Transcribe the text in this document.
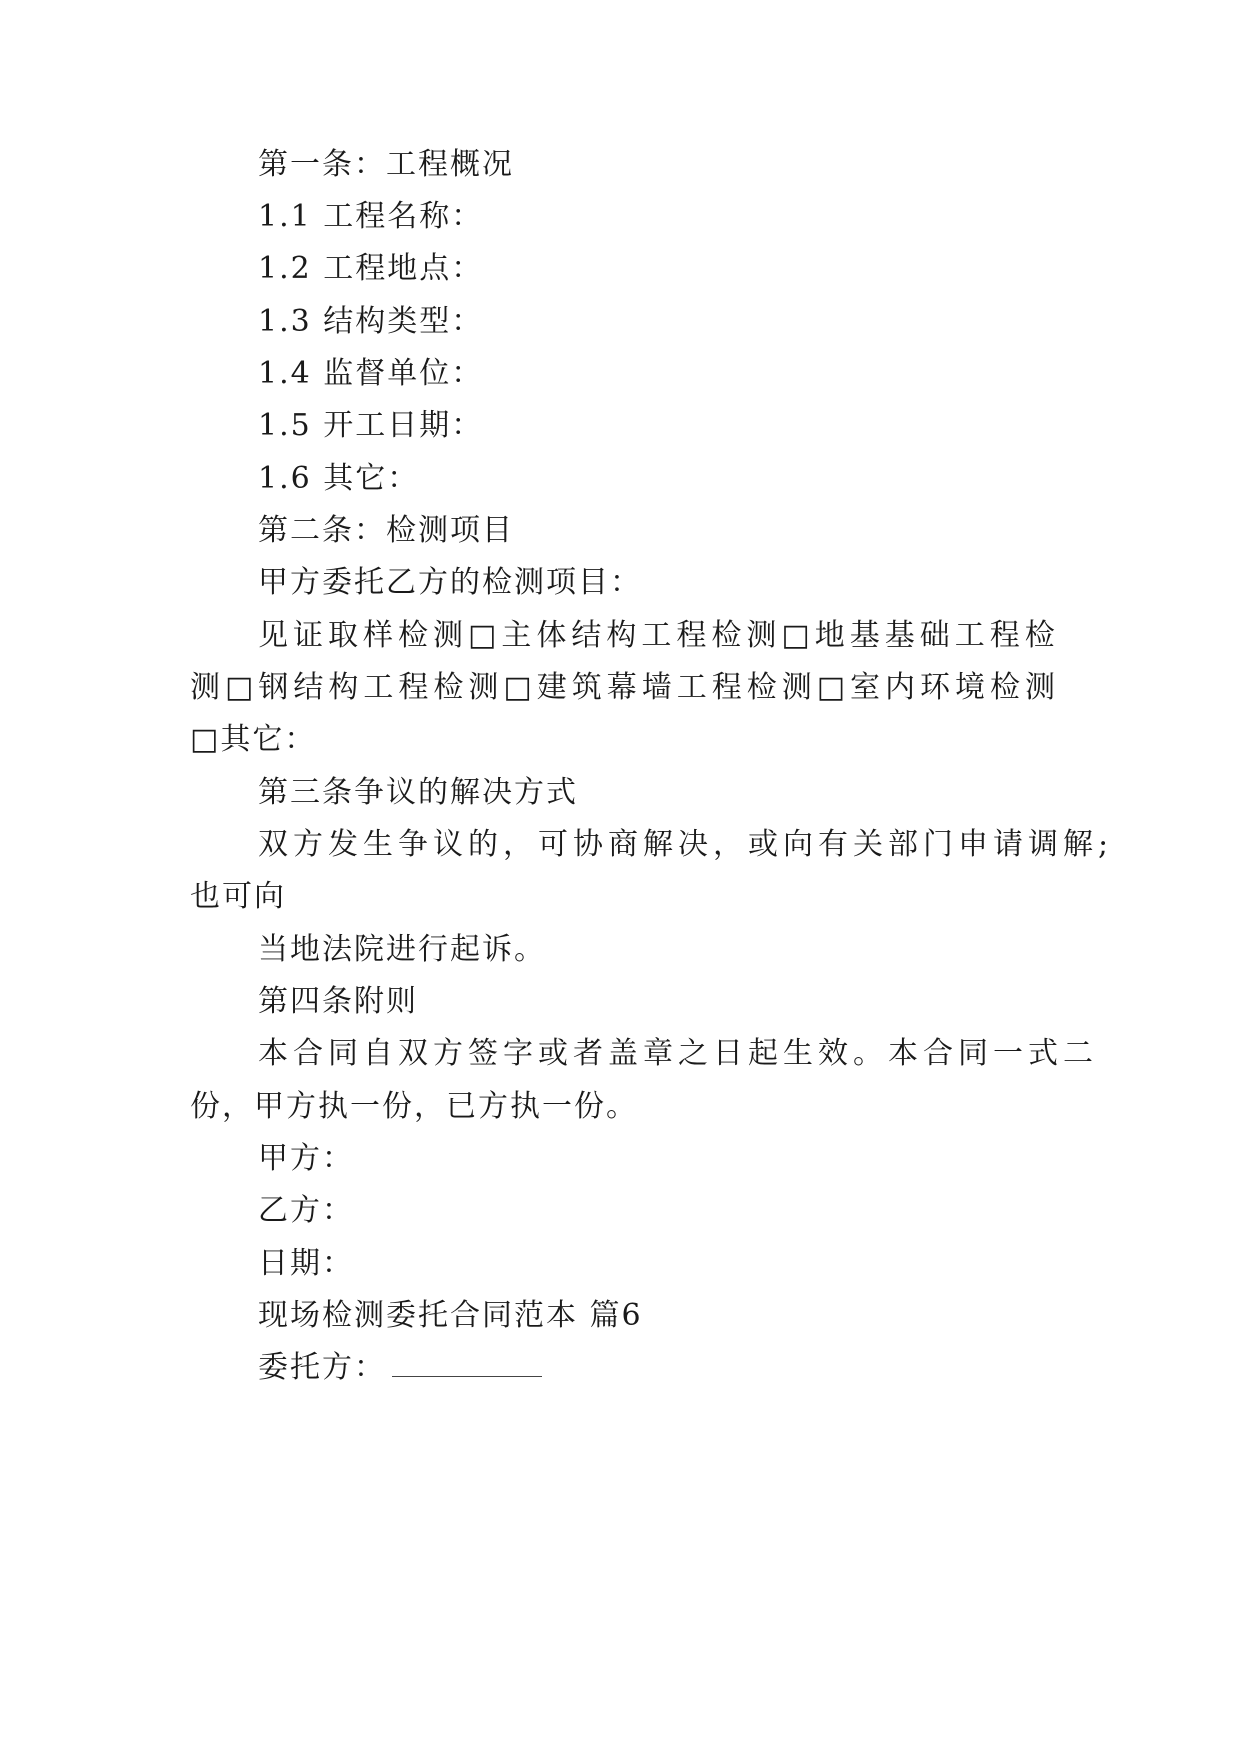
第一条：工程概况
1.1 工程名称：
1.2 工程地点：
1.3 结构类型：
1.4 监督单位：
1.5 开工日期：
1.6 其它：
第二条：检测项目
甲方委托乙方的检测项目：
见证取样检测□主体结构工程检测□地基基础工程检
测□钢结构工程检测□建筑幕墙工程检测□室内环境检测
□其它：
第三条争议的解决方式
双方发生争议的，可协商解决，或向有关部门申请调解;
也可向
当地法院进行起诉。
第四条附则
本合同自双方签字或者盖章之日起生效。本合同一式二
份，甲方执一份，已方执一份。
甲方：
乙方：
日期：
现场检测委托合同范本 篇6
委托方：
